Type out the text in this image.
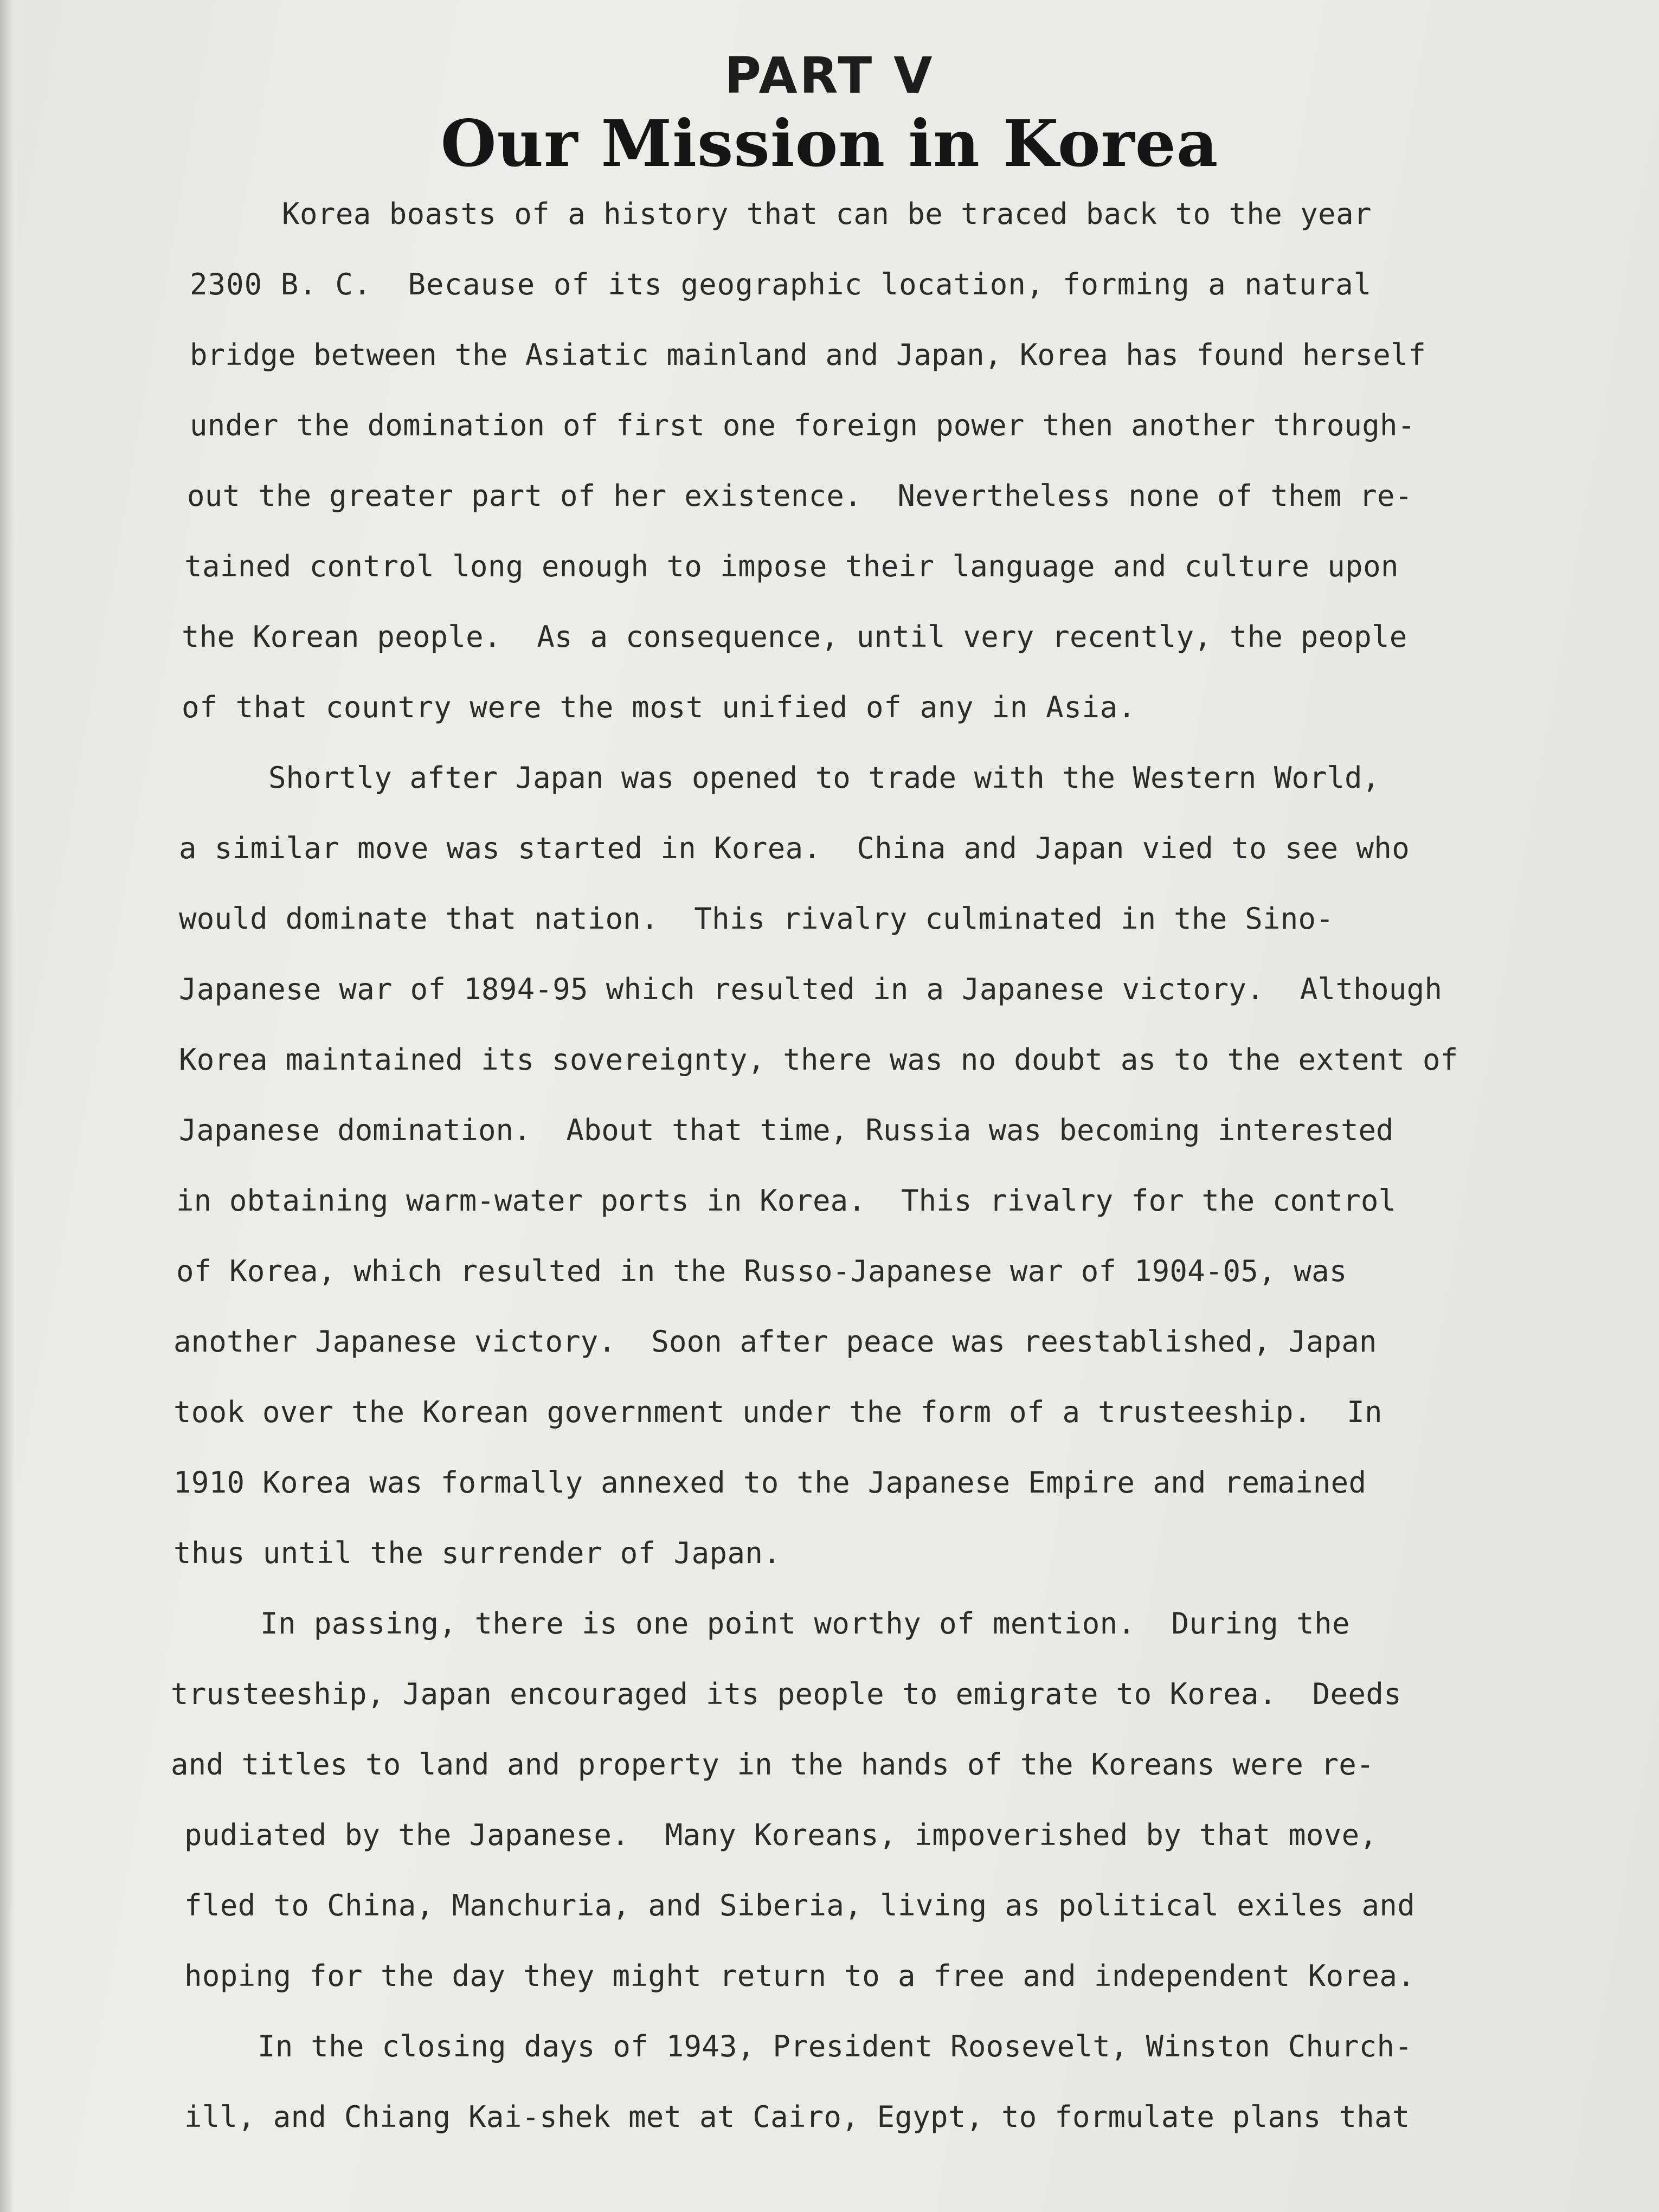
PART V
Our Mission in Korea
Korea boasts of a history that can be traced back to the year
2300 B. C.  Because of its geographic location, forming a natural
bridge between the Asiatic mainland and Japan, Korea has found herself
under the domination of first one foreign power then another through-
out the greater part of her existence.  Nevertheless none of them re-
tained control long enough to impose their language and culture upon
the Korean people.  As a consequence, until very recently, the people
of that country were the most unified of any in Asia.
Shortly after Japan was opened to trade with the Western World,
a similar move was started in Korea.  China and Japan vied to see who
would dominate that nation.  This rivalry culminated in the Sino-
Japanese war of 1894-95 which resulted in a Japanese victory.  Although
Korea maintained its sovereignty, there was no doubt as to the extent of
Japanese domination.  About that time, Russia was becoming interested
in obtaining warm-water ports in Korea.  This rivalry for the control
of Korea, which resulted in the Russo-Japanese war of 1904-05, was
another Japanese victory.  Soon after peace was reestablished, Japan
took over the Korean government under the form of a trusteeship.  In
1910 Korea was formally annexed to the Japanese Empire and remained
thus until the surrender of Japan.
In passing, there is one point worthy of mention.  During the
trusteeship, Japan encouraged its people to emigrate to Korea.  Deeds
and titles to land and property in the hands of the Koreans were re-
pudiated by the Japanese.  Many Koreans, impoverished by that move,
fled to China, Manchuria, and Siberia, living as political exiles and
hoping for the day they might return to a free and independent Korea.
In the closing days of 1943, President Roosevelt, Winston Church-
ill, and Chiang Kai-shek met at Cairo, Egypt, to formulate plans that
